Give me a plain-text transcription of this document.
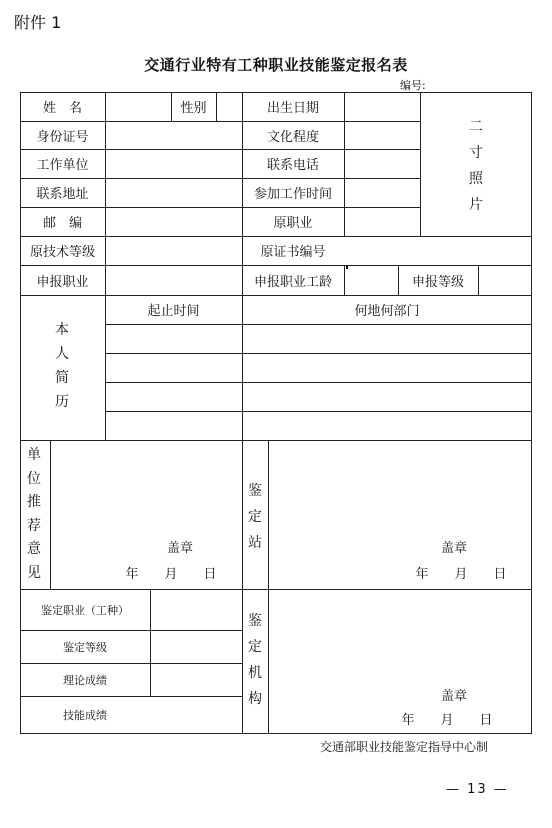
附件 1
交通行业特有工种职业技能鉴定报名表
编号:
姓　名	性别	出生日期
二
寸
照
片
身份证号	文化程度
工作单位	联系电话
联系地址	参加工作时间
邮　编	原职业
原技术等级	原证书编号
申报职业	申报职业工龄	申报等级
本
人
简
历
起止时间	何地何部门
单
位
推
荐
意
见
盖章
年　　月　　日
鉴
定
站	盖章
年　　月　　日
鉴定职业（工种）
鉴定等级
理论成绩
技能成绩
鉴
定
机
构	盖章
年　　月　　日
交通部职业技能鉴定指导中心制
— 13 —
